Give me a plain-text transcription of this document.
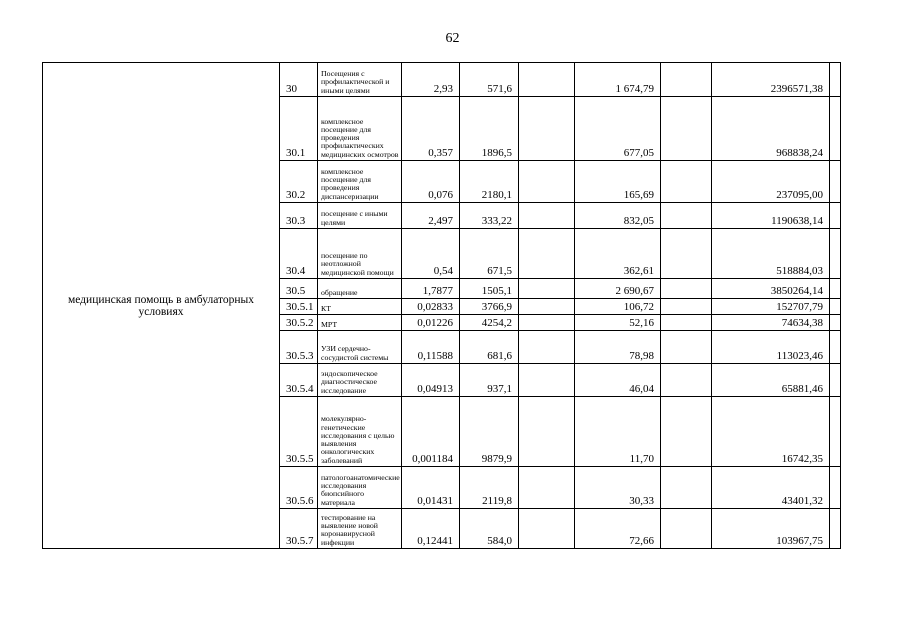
62
медицинская помощь в амбулаторных условиях	30	Посещения с профилактической и иными целями	2,93	571,6		1 674,79		2396571,38	
	30.1	комплексное посещение для проведения профилактических медицинских осмотров	0,357	1896,5		677,05		968838,24	
	30.2	комплексное посещение для проведения диспансеризации	0,076	2180,1		165,69		237095,00	
	30.3	посещение с иными целями	2,497	333,22		832,05		1190638,14	
	30.4	посещение по неотложной медицинской помощи	0,54	671,5		362,61		518884,03	
	30.5	обращение	1,7877	1505,1		2 690,67		3850264,14	
	30.5.1	КТ	0,02833	3766,9		106,72		152707,79	
	30.5.2	МРТ	0,01226	4254,2		52,16		74634,38	
	30.5.3	УЗИ сердечно-сосудистой системы	0,11588	681,6		78,98		113023,46	
	30.5.4	эндоскопическое диагностическое исследование	0,04913	937,1		46,04		65881,46	
	30.5.5	молекулярно-генетические исследования с целью выявления онкологических заболеваний	0,001184	9879,9		11,70		16742,35	
	30.5.6	патологоанатомические исследования биопсийного материала	0,01431	2119,8		30,33		43401,32	
	30.5.7	тестирование на выявление новой коронавирусной инфекции	0,12441	584,0		72,66		103967,75	
